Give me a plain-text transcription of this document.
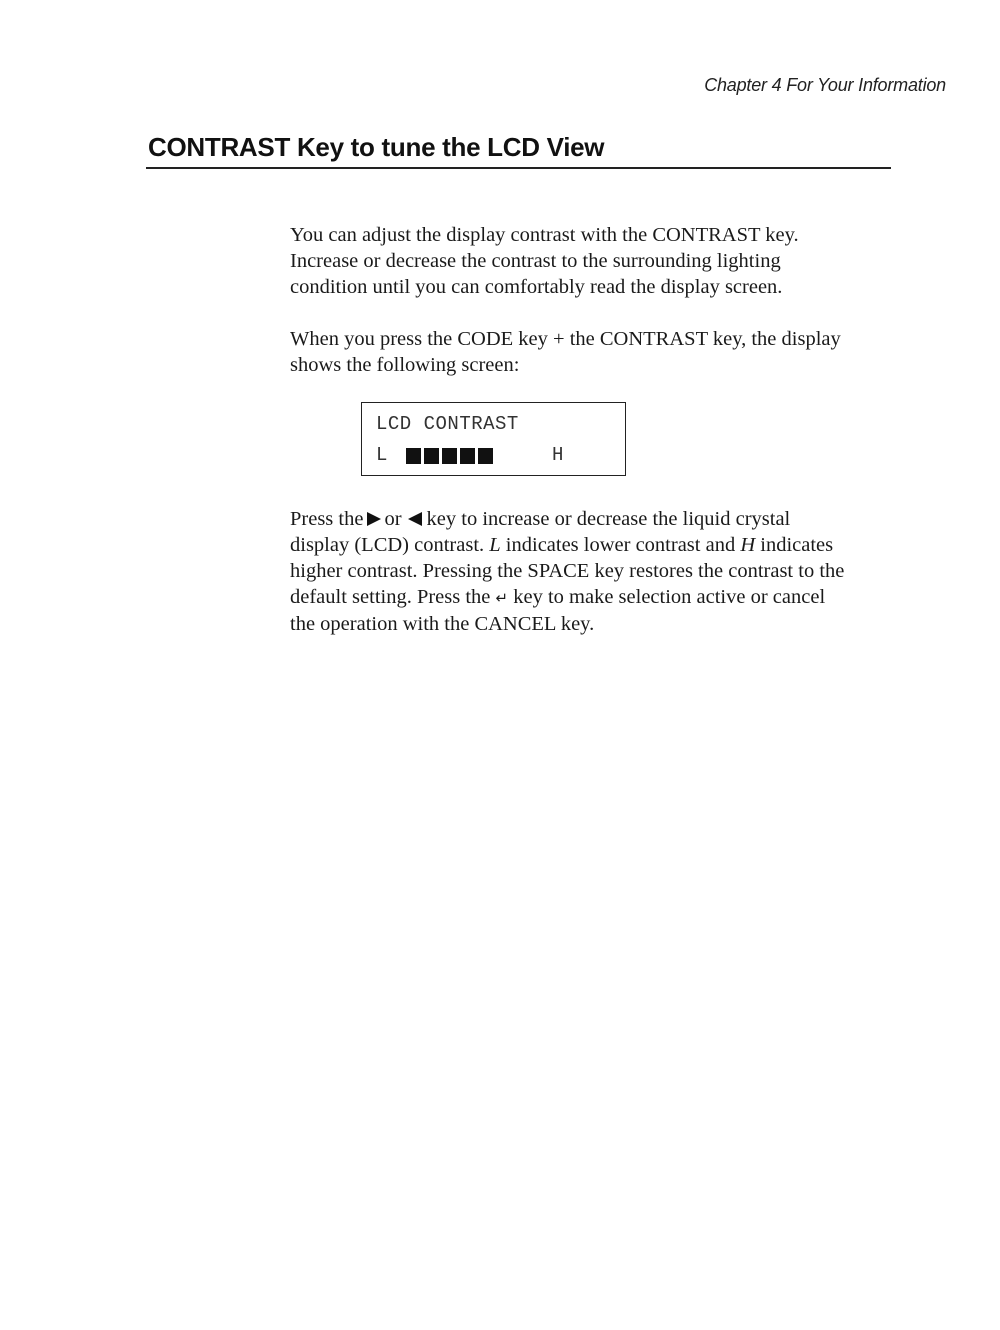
Chapter 4 For Your Information
CONTRAST Key to tune the LCD View
You can adjust the display contrast with the CONTRAST key.
Increase or decrease the contrast to the surrounding lighting
condition until you can comfortably read the display screen.
When you press the CODE key + the CONTRAST key, the display
shows the following screen:
LCD CONTRAST
L	H
Press the or key to increase or decrease the liquid crystal
display (LCD) contrast. L indicates lower contrast and H indicates
higher contrast. Pressing the SPACE key restores the contrast to the
default setting. Press the ↵ key to make selection active or cancel
the operation with the CANCEL key.
